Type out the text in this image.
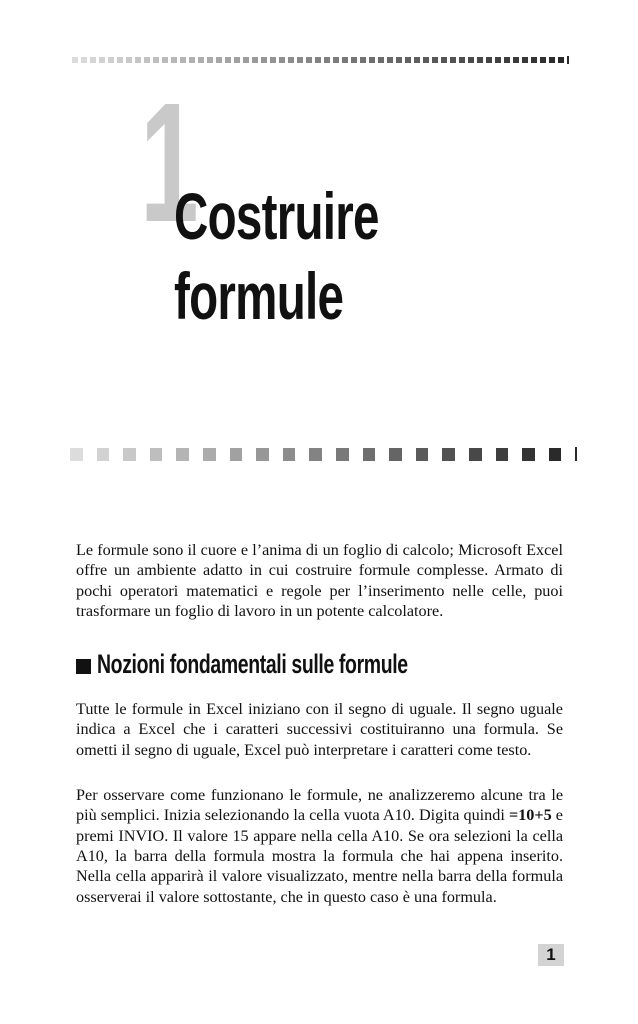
1
Costruire
formule

Le formule sono il cuore e l’anima di un foglio di calcolo; Microsoft Excel offre un ambiente adatto in cui costruire formule complesse. Armato di pochi operatori matematici e regole per l’inserimento nelle celle, puoi trasformare un foglio di lavoro in un potente calcolatore.

Nozioni fondamentali sulle formule

Tutte le formule in Excel iniziano con il segno di uguale. Il segno uguale indica a Excel che i caratteri successivi costituiranno una formula. Se ometti il segno di uguale, Excel può interpretare i caratteri come testo.

Per osservare come funzionano le formule, ne analizzeremo alcune tra le più semplici. Inizia selezionando la cella vuota A10. Digita quindi =10+5 e premi INVIO. Il valore 15 appare nella cella A10. Se ora selezioni la cella A10, la barra della formula mostra la formula che hai appena inserito. Nella cella apparirà il valore visualizzato, mentre nella barra della formula osserverai il valore sottostante, che in questo caso è una formula.

1
